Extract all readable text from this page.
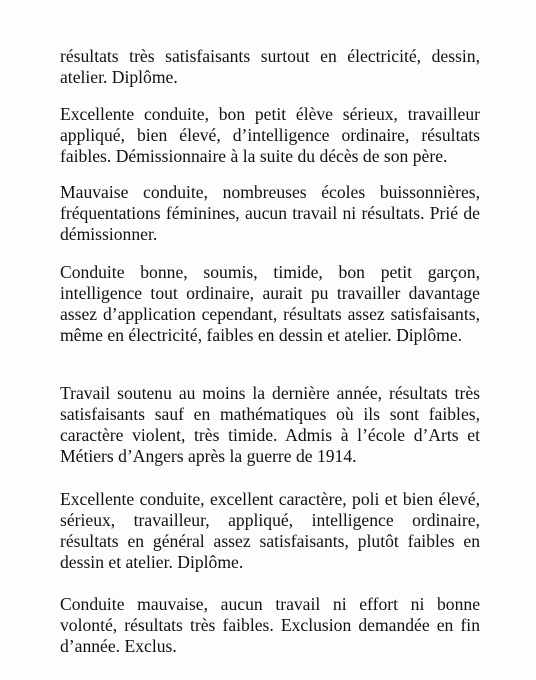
résultats très satisfaisants surtout en électricité, dessin, atelier. Diplôme.

Excellente conduite, bon petit élève sérieux, travailleur appliqué, bien élevé, d’intelligence ordinaire, résultats faibles. Démissionnaire à la suite du décès de son père.

Mauvaise conduite, nombreuses écoles buissonnières, fréquentations féminines, aucun travail ni résultats. Prié de démissionner.

Conduite bonne, soumis, timide, bon petit garçon, intelligence tout ordinaire, aurait pu travailler davantage assez d’application cependant, résultats assez satisfaisants, même en électricité, faibles en dessin et atelier. Diplôme.

Travail soutenu au moins la dernière année, résultats très satisfaisants sauf en mathématiques où ils sont faibles, caractère violent, très timide. Admis à l’école d’Arts et Métiers d’Angers après la guerre de 1914.

Excellente conduite, excellent caractère, poli et bien élevé, sérieux, travailleur, appliqué, intelligence ordinaire, résultats en général assez satisfaisants, plutôt faibles en dessin et atelier. Diplôme.

Conduite mauvaise, aucun travail ni effort ni bonne volonté, résultats très faibles. Exclusion demandée en fin d’année. Exclus.
